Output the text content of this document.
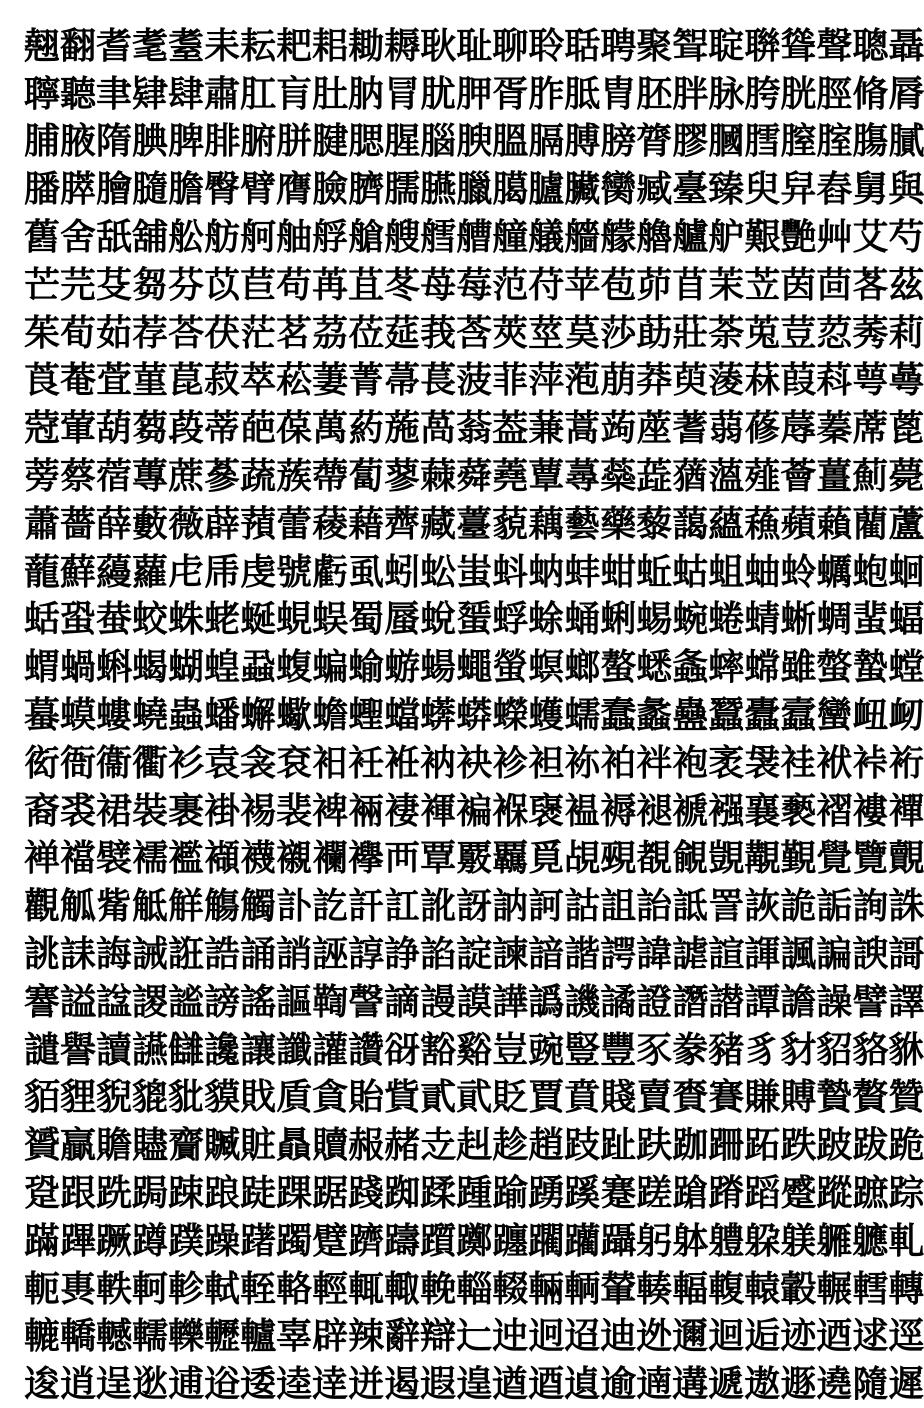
翹 翻 耆 耄 耋 耒 耘 耙 耜 耡 耨 耿 耻 聊 聆 聒 聘 聚 聟 聢 聨 聳 聲 聰 聶
聹 聽 聿 肄 肆 肅 肛 肓 肚 肭 冐 肬 胛 胥 胙 胝 胄 胚 胖 脉 胯 胱 脛 脩 脣
脯 腋 隋 腆 脾 腓 腑 胼 腱 腮 腥 腦 腴 膃 膈 膊 膀 膂 膠 膕 膤 膣 腟 膓 膩
膰 膵 膾 膸 膽 臀 臂 膺 臉 臍 臑 臙 臘 臈 臚 臟 臠 臧 臺 臻 臾 舁 舂 舅 與
舊 舍 舐 舖 舩 舫 舸 舳 艀 艙 艘 艝 艚 艟 艤 艢 艨 艪 艫 舮 艱 艷 艸 艾 芍
芒 芫 芟 芻 芬 苡 苣 苟 苒 苴 苳 苺 莓 范 苻 苹 苞 茆 苜 茉 苙 茵 茴 茖 茲
茱 荀 茹 荐 荅 茯 茫 茗 茘 莅 莚 莪 莟 莢 莖 茣 莎 莇 莊 荼 莵 荳 荵 莠 莉
莨 菴 萓 菫 菎 菽 萃 菘 萋 菁 菷 萇 菠 菲 萍 萢 萠 莽 萸 蔆 菻 葭 萪 萼 蕚
蒄 葷 葫 蒭 葮 蒂 葩 葆 萬 葯 葹 萵 蓊 葢 蒹 蒿 蒟 蓙 蓍 蒻 蓚 蓐 蓁 蓆 蓖
蒡 蔡 蓿 蓴 蔗 蔘 蔬 蔟 蔕 蔔 蓼 蕀 蕣 蕘 蕈 蕁 蘂 蕋 蕕 薀 薤 薈 薑 薊 薨
蕭 薔 薛 藪 薇 薜 蕷 蕾 薐 藉 薺 藏 薹 藐 藕 藝 藥 藜 藹 蘊 蘓 蘋 藾 藺 蘆
蘢 蘚 蘰 蘿 虍 乕 虔 號 虧 虱 蚓 蚣 蚩 蚪 蚋 蚌 蚶 蚯 蛄 蛆 蚰 蛉 蠣 蚫 蛔
蛞 蛩 蛬 蛟 蛛 蛯 蜒 蜆 蜈 蜀 蜃 蛻 蜑 蜉 蜍 蛹 蜊 蜴 蜿 蜷 蜻 蜥 蜩 蜚 蝠
蝟 蝸 蝌 蝎 蝴 蝗 蝨 蝮 蝙 蝓 蝣 蝪 蠅 螢 螟 螂 螯 蟋 螽 蟀 蟐 雖 螫 蟄 螳
蟇 蟆 螻 蟯 蟲 蟠 蠏 蠍 蟾 蟶 蟷 蠎 蟒 蠑 蠖 蠕 蠢 蠡 蠱 蠶 蠹 蠧 蠻 衄 衂
衒 衙 衞 衢 衫 袁 衾 袞 衵 衽 袵 衲 袂 袗 袒 袮 袙 袢 袍 袤 袰 袿 袱 裃 裄
裔 裘 裙 裝 裹 褂 裼 裴 裨 裲 褄 褌 褊 褓 襃 褞 褥 褪 褫 襁 襄 褻 褶 褸 襌
褝 襠 襞 襦 襤 襭 襪 襯 襴 襷 襾 覃 覈 覊 覓 覘 覡 覩 覦 覬 覯 覲 覺 覽 覿
觀 觚 觜 觝 觧 觴 觸 訃 訖 訐 訌 訛 訝 訥 訶 詁 詛 詒 詆 詈 詼 詭 詬 詢 誅
誂 誄 誨 誡 誑 誥 誦 誚 誣 諄 諍 諂 諚 諫 諳 諧 諤 諱 謔 諠 諢 諷 諞 諛 謌
謇 謚 諡 謖 謐 謗 謠 謳 鞫 謦 謫 謾 謨 譁 譌 譏 譎 證 譖 譛 譚 譫 譟 譬 譯
譴 譽 讀 讌 讎 讒 讓 讖 讙 讚 谺 豁 谿 豈 豌 豎 豐 豕 豢 豬 豸 豺 貂 貉 貅
貊 貍 貎 貔 豼 貘 戝 貭 貪 貽 貲 貳 貮 貶 賈 賁 賤 賣 賚 賽 賺 賻 贄 贅 贊
贇 贏 贍 贐 齎 贓 賍 贔 贖 赧 赭 赱 赳 趁 趙 跂 趾 趺 跏 跚 跖 跌 跛 跋 跪
跫 跟 跣 跼 踈 踉 跿 踝 踞 踐 踟 蹂 踵 踰 踴 蹊 蹇 蹉 蹌 蹐 蹈 蹙 蹤 蹠 踪
蹣 蹕 蹶 蹲 蹼 躁 躇 躅 躄 躋 躊 躓 躑 躔 躙 躪 躡 躬 躰 軆 躱 躾 軅 軈 軋
軛 軣 軼 軻 軫 軾 輊 輅 輕 輒 輙 輓 輜 輟 輛 輌 輦 輳 輻 輹 轅 轂 輾 轌 轉
轆 轎 轗 轜 轢 轣 轤 辜 辟 辣 辭 辯 辷 迚 迥 迢 迪 迯 邇 迴 逅 迹 迺 逑 逕
逡 逍 逞 逖 逋 逧 逶 逵 逹 迸 遏 遐 遑 遒 逎 遉 逾 遖 遘 遞 遨 遯 遶 隨 遲
